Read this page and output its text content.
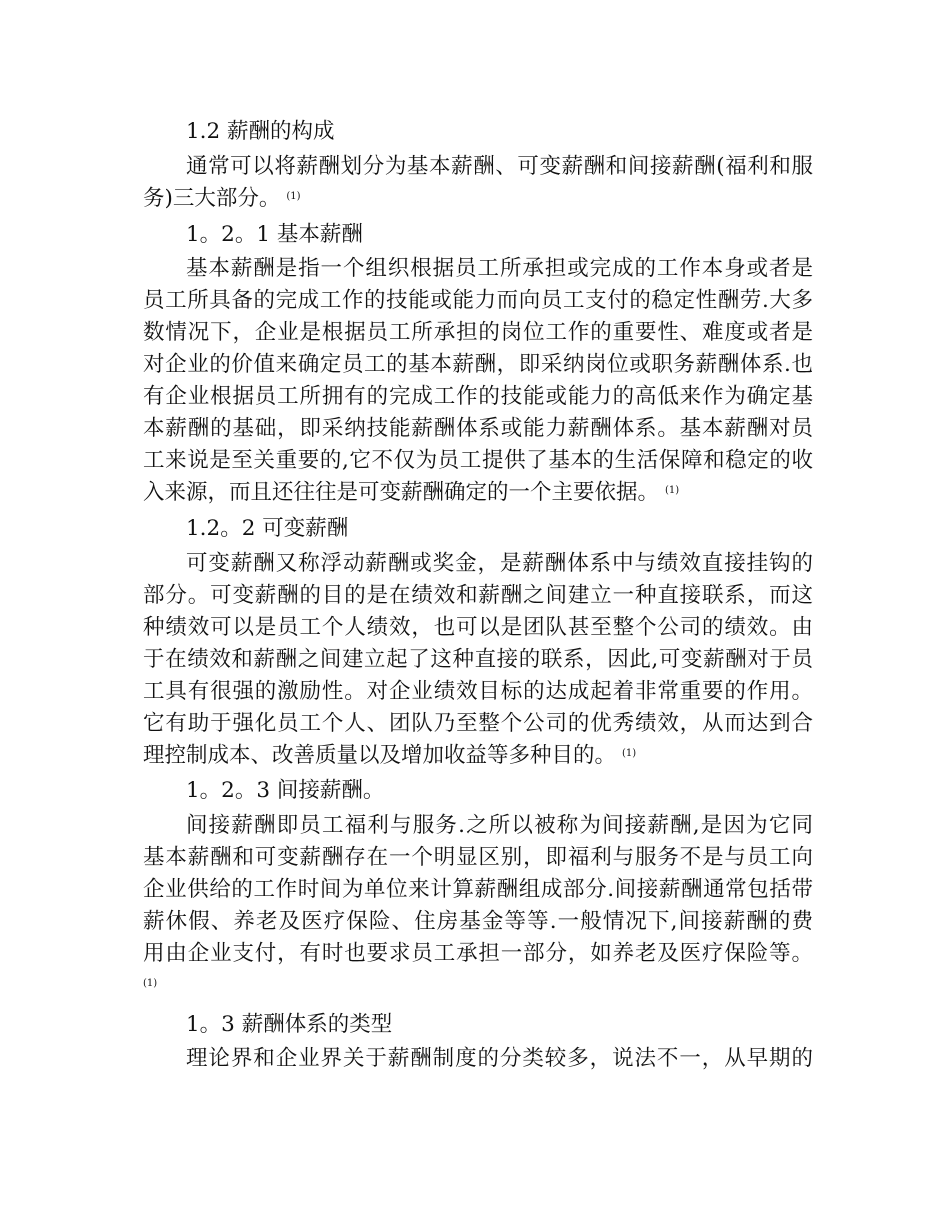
1.2 薪酬的构成
通常可以将薪酬划分为基本薪酬、可变薪酬和间接薪酬(福利和服
务)三大部分。 $^{(1)}$
1。2。1 基本薪酬
基本薪酬是指一个组织根据员工所承担或完成的工作本身或者是
员工所具备的完成工作的技能或能力而向员工支付的稳定性酬劳.大多
数情况下，企业是根据员工所承担的岗位工作的重要性、难度或者是
对企业的价值来确定员工的基本薪酬，即采纳岗位或职务薪酬体系.也
有企业根据员工所拥有的完成工作的技能或能力的高低来作为确定基
本薪酬的基础，即采纳技能薪酬体系或能力薪酬体系。基本薪酬对员
工来说是至关重要的,它不仅为员工提供了基本的生活保障和稳定的收
入来源，而且还往往是可变薪酬确定的一个主要依据。 $^{(1)}$
1.2。2 可变薪酬
可变薪酬又称浮动薪酬或奖金，是薪酬体系中与绩效直接挂钩的
部分。可变薪酬的目的是在绩效和薪酬之间建立一种直接联系，而这
种绩效可以是员工个人绩效，也可以是团队甚至整个公司的绩效。由
于在绩效和薪酬之间建立起了这种直接的联系，因此,可变薪酬对于员
工具有很强的激励性。对企业绩效目标的达成起着非常重要的作用。
它有助于强化员工个人、团队乃至整个公司的优秀绩效，从而达到合
理控制成本、改善质量以及增加收益等多种目的。 $^{(1)}$
1。2。3 间接薪酬。
间接薪酬即员工福利与服务.之所以被称为间接薪酬,是因为它同
基本薪酬和可变薪酬存在一个明显区别，即福利与服务不是与员工向
企业供给的工作时间为单位来计算薪酬组成部分.间接薪酬通常包括带
薪休假、养老及医疗保险、住房基金等等.一般情况下,间接薪酬的费
用由企业支付，有时也要求员工承担一部分，如养老及医疗保险等。
(1)
1。3 薪酬体系的类型
理论界和企业界关于薪酬制度的分类较多，说法不一，从早期的
